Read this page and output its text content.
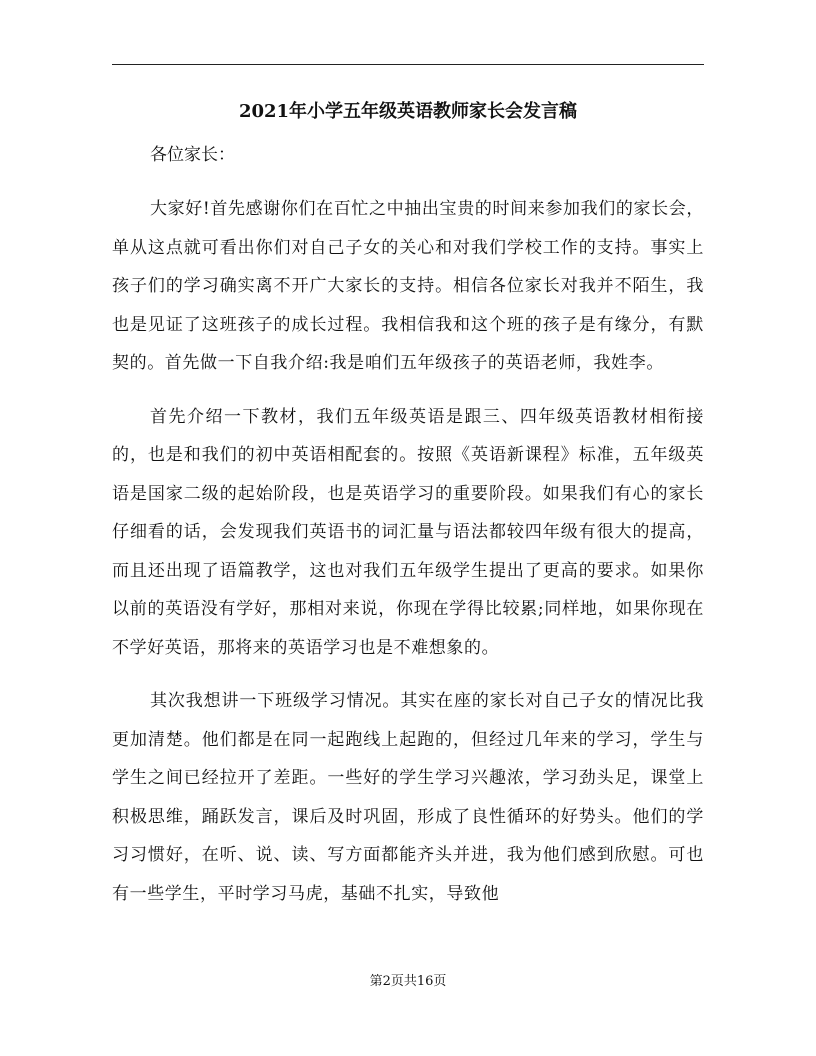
2021年小学五年级英语教师家长会发言稿
各位家长：

大家好!首先感谢你们在百忙之中抽出宝贵的时间来参加我们的家长会，单从这点就可看出你们对自己子女的关心和对我们学校工作的支持。事实上孩子们的学习确实离不开广大家长的支持。相信各位家长对我并不陌生，我也是见证了这班孩子的成长过程。我相信我和这个班的孩子是有缘分，有默契的。首先做一下自我介绍:我是咱们五年级孩子的英语老师，我姓李。

首先介绍一下教材，我们五年级英语是跟三、四年级英语教材相衔接的，也是和我们的初中英语相配套的。按照《英语新课程》标准，五年级英语是国家二级的起始阶段，也是英语学习的重要阶段。如果我们有心的家长仔细看的话，会发现我们英语书的词汇量与语法都较四年级有很大的提高，而且还出现了语篇教学，这也对我们五年级学生提出了更高的要求。如果你以前的英语没有学好，那相对来说，你现在学得比较累;同样地，如果你现在不学好英语，那将来的英语学习也是不难想象的。

其次我想讲一下班级学习情况。其实在座的家长对自己子女的情况比我更加清楚。他们都是在同一起跑线上起跑的，但经过几年来的学习，学生与学生之间已经拉开了差距。一些好的学生学习兴趣浓，学习劲头足，课堂上积极思维，踊跃发言，课后及时巩固，形成了良性循环的好势头。他们的学习习惯好，在听、说、读、写方面都能齐头并进，我为他们感到欣慰。可也有一些学生，平时学习马虎，基础不扎实，导致他

第2页共16页
